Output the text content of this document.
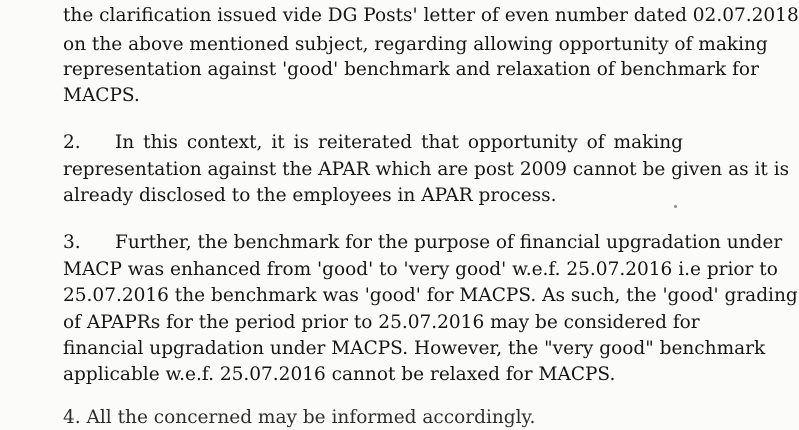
the clarification issued vide DG Posts' letter of even number dated 02.07.2018
on the above mentioned subject, regarding allowing opportunity of making
representation against 'good' benchmark and relaxation of benchmark for
MACPS.
2. In this context, it is reiterated that opportunity of making
representation against the APAR which are post 2009 cannot be given as it is
already disclosed to the employees in APAR process.
3. Further, the benchmark for the purpose of financial upgradation under
MACP was enhanced from 'good' to 'very good' w.e.f. 25.07.2016 i.e prior to
25.07.2016 the benchmark was 'good' for MACPS. As such, the 'good' grading
of APAPRs for the period prior to 25.07.2016 may be considered for
financial upgradation under MACPS. However, the "very good" benchmark
applicable w.e.f. 25.07.2016 cannot be relaxed for MACPS.
4. All the concerned may be informed accordingly.
